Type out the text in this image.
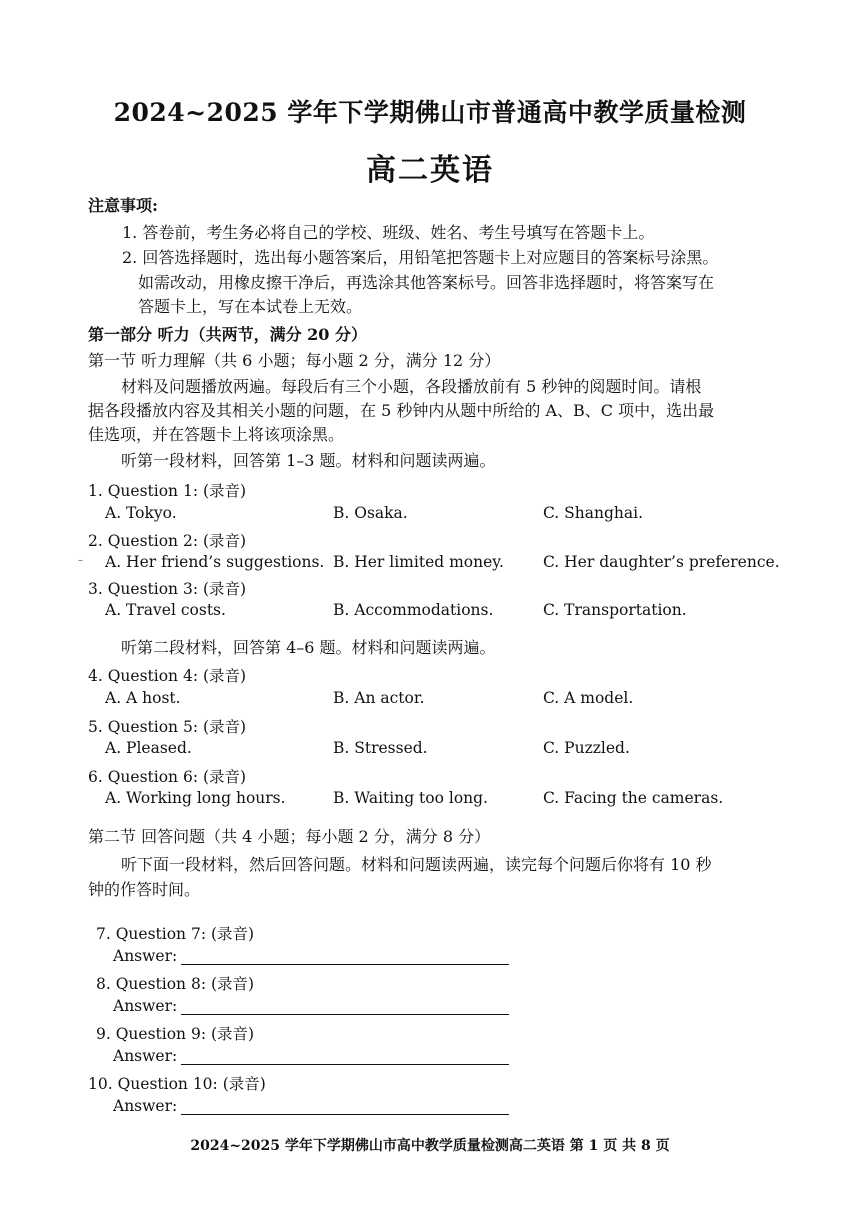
2024~2025 学年下学期佛山市普通高中教学质量检测
高二英语
注意事项:
1. 答卷前，考生务必将自己的学校、班级、姓名、考生号填写在答题卡上。
2. 回答选择题时，选出每小题答案后，用铅笔把答题卡上对应题目的答案标号涂黑。
如需改动，用橡皮擦干净后，再选涂其他答案标号。回答非选择题时，将答案写在
答题卡上，写在本试卷上无效。
第一部分 听力（共两节，满分 20 分）
第一节 听力理解（共 6 小题；每小题 2 分，满分 12 分）
材料及问题播放两遍。每段后有三个小题，各段播放前有 5 秒钟的阅题时间。请根
据各段播放内容及其相关小题的问题，在 5 秒钟内从题中所给的 A、B、C 项中，选出最
佳选项，并在答题卡上将该项涂黑。
听第一段材料，回答第 1–3 题。材料和问题读两遍。
1. Question 1: (录音)
A. Tokyo.	B. Osaka.	C. Shanghai.
2. Question 2: (录音)
– A. Her friend’s suggestions. B. Her limited money.	C. Her daughter’s preference.
3. Question 3: (录音)
A. Travel costs.	B. Accommodations.	C. Transportation.
听第二段材料，回答第 4–6 题。材料和问题读两遍。
4. Question 4: (录音)
A. A host.	B. An actor.	C. A model.
5. Question 5: (录音)
A. Pleased.	B. Stressed.	C. Puzzled.
6. Question 6: (录音)
A. Working long hours.	B. Waiting too long.	C. Facing the cameras.
第二节 回答问题（共 4 小题；每小题 2 分，满分 8 分）
听下面一段材料，然后回答问题。材料和问题读两遍，读完每个问题后你将有 10 秒
钟的作答时间。
7. Question 7: (录音)
Answer:
8. Question 8: (录音)
Answer:
9. Question 9: (录音)
Answer:
10. Question 10: (录音)
Answer:
2024~2025 学年下学期佛山市高中教学质量检测高二英语 第 1 页 共 8 页
